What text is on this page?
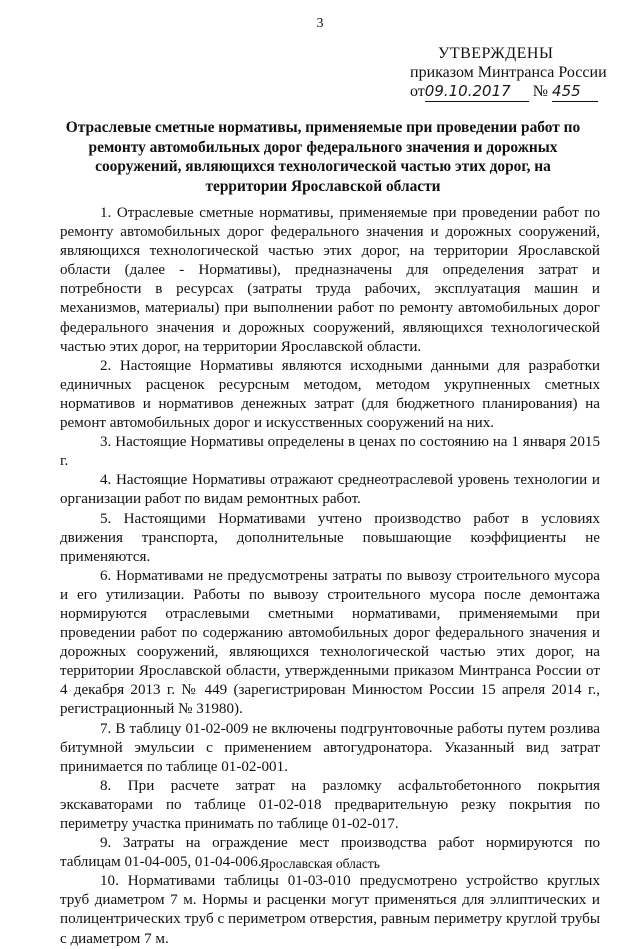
3
УТВЕРЖДЕНЫ
приказом Минтранса России
от09.10.2017 № 455
Отраслевые сметные нормативы, применяемые при проведении работ по ремонту автомобильных дорог федерального значения и дорожных сооружений, являющихся технологической частью этих дорог, на территории Ярославской области

1. Отраслевые сметные нормативы, применяемые при проведении работ по ремонту автомобильных дорог федерального значения и дорожных сооружений, являющихся технологической частью этих дорог, на территории Ярославской области (далее - Нормативы), предназначены для определения затрат и потребности в ресурсах (затраты труда рабочих, эксплуатация машин и механизмов, материалы) при выполнении работ по ремонту автомобильных дорог федерального значения и дорожных сооружений, являющихся технологической частью этих дорог, на территории Ярославской области.

2. Настоящие Нормативы являются исходными данными для разработки единичных расценок ресурсным методом, методом укрупненных сметных нормативов и нормативов денежных затрат (для бюджетного планирования) на ремонт автомобильных дорог и искусственных сооружений на них.

3. Настоящие Нормативы определены в ценах по состоянию на 1 января 2015 г.

4. Настоящие Нормативы отражают среднеотраслевой уровень технологии и организации работ по видам ремонтных работ.

5. Настоящими Нормативами учтено производство работ в условиях движения транспорта, дополнительные повышающие коэффициенты не применяются.

6. Нормативами не предусмотрены затраты по вывозу строительного мусора и его утилизации. Работы по вывозу строительного мусора после демонтажа нормируются отраслевыми сметными нормативами, применяемыми при проведении работ по содержанию автомобильных дорог федерального значения и дорожных сооружений, являющихся технологической частью этих дорог, на территории Ярославской области, утвержденными приказом Минтранса России от 4 декабря 2013 г. № 449 (зарегистрирован Минюстом России 15 апреля 2014 г., регистрационный № 31980).

7. В таблицу 01-02-009 не включены подгрунтовочные работы путем розлива битумной эмульсии с применением автогудронатора. Указанный вид затрат принимается по таблице 01-02-001.

8. При расчете затрат на разломку асфальтобетонного покрытия экскаваторами по таблице 01-02-018 предварительную резку покрытия по периметру участка принимать по таблице 01-02-017.

9. Затраты на ограждение мест производства работ нормируются по таблицам 01-04-005, 01-04-006.

10. Нормативами таблицы 01-03-010 предусмотрено устройство круглых труб диаметром 7 м. Нормы и расценки могут применяться для эллиптических и полицентрических труб с периметром отверстия, равным периметру круглой трубы с диаметром 7 м.

Ярославская область
